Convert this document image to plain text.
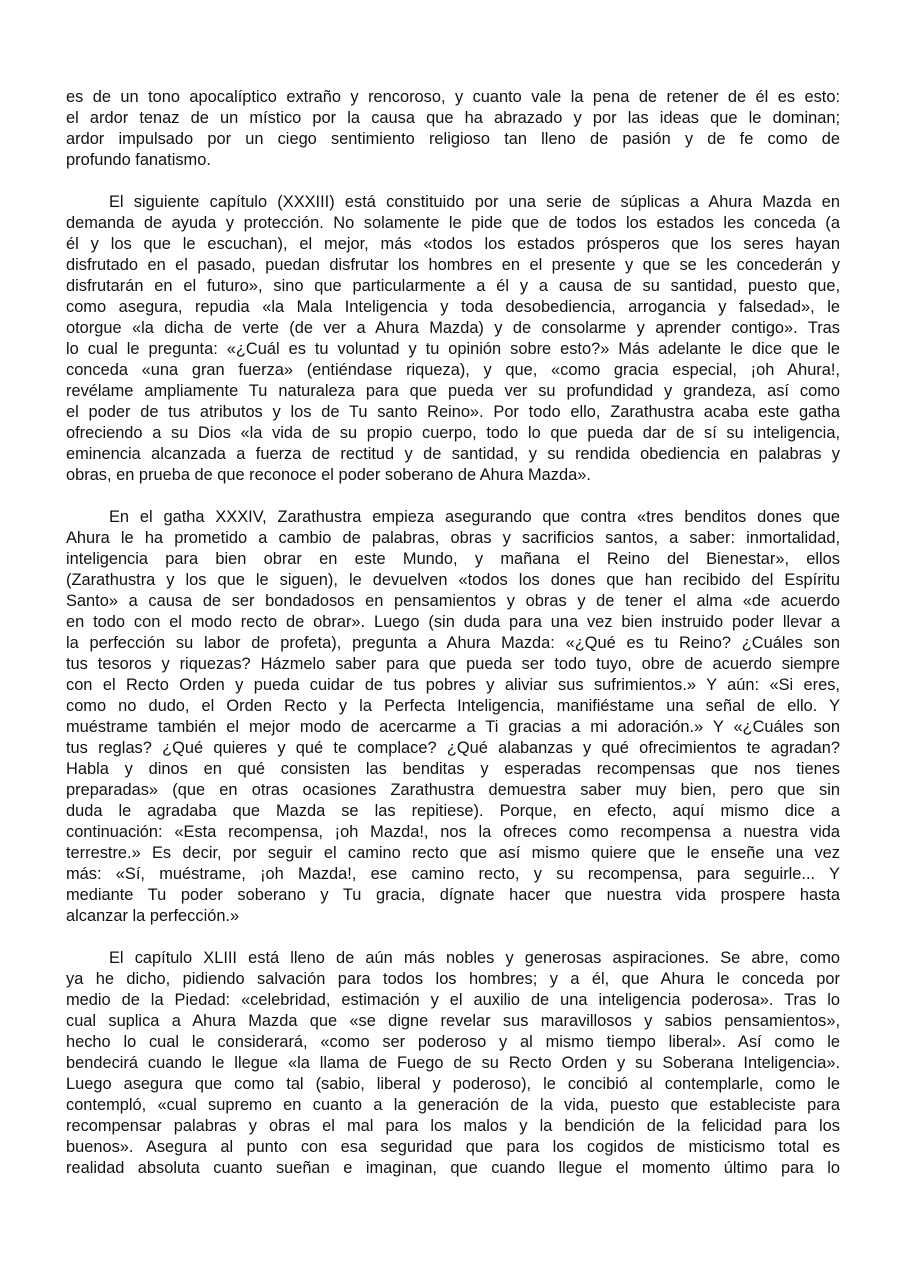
es de un tono apocalíptico extraño y rencoroso, y cuanto vale la pena de retener de él es esto:
el ardor tenaz de un místico por la causa que ha abrazado y por las ideas que le dominan;
ardor impulsado por un ciego sentimiento religioso tan lleno de pasión y de fe como de
profundo fanatismo.
El siguiente capítulo (XXXIII) está constituido por una serie de súplicas a Ahura Mazda en
demanda de ayuda y protección. No solamente le pide que de todos los estados les conceda (a
él y los que le escuchan), el mejor, más «todos los estados prósperos que los seres hayan
disfrutado en el pasado, puedan disfrutar los hombres en el presente y que se les concederán y
disfrutarán en el futuro», sino que particularmente a él y a causa de su santidad, puesto que,
como asegura, repudia «la Mala Inteligencia y toda desobediencia, arrogancia y falsedad», le
otorgue «la dicha de verte (de ver a Ahura Mazda) y de consolarme y aprender contigo». Tras
lo cual le pregunta: «¿Cuál es tu voluntad y tu opinión sobre esto?» Más adelante le dice que le
conceda «una gran fuerza» (entiéndase riqueza), y que, «como gracia especial, ¡oh Ahura!,
revélame ampliamente Tu naturaleza para que pueda ver su profundidad y grandeza, así como
el poder de tus atributos y los de Tu santo Reino». Por todo ello, Zarathustra acaba este gatha
ofreciendo a su Dios «la vida de su propio cuerpo, todo lo que pueda dar de sí su inteligencia,
eminencia alcanzada a fuerza de rectitud y de santidad, y su rendida obediencia en palabras y
obras, en prueba de que reconoce el poder soberano de Ahura Mazda».
En el gatha XXXIV, Zarathustra empieza asegurando que contra «tres benditos dones que
Ahura le ha prometido a cambio de palabras, obras y sacrificios santos, a saber: inmortalidad,
inteligencia para bien obrar en este Mundo, y mañana el Reino del Bienestar», ellos
(Zarathustra y los que le siguen), le devuelven «todos los dones que han recibido del Espíritu
Santo» a causa de ser bondadosos en pensamientos y obras y de tener el alma «de acuerdo
en todo con el modo recto de obrar». Luego (sin duda para una vez bien instruido poder llevar a
la perfección su labor de profeta), pregunta a Ahura Mazda: «¿Qué es tu Reino? ¿Cuáles son
tus tesoros y riquezas? Házmelo saber para que pueda ser todo tuyo, obre de acuerdo siempre
con el Recto Orden y pueda cuidar de tus pobres y aliviar sus sufrimientos.» Y aún: «Si eres,
como no dudo, el Orden Recto y la Perfecta Inteligencia, manifiéstame una señal de ello. Y
muéstrame también el mejor modo de acercarme a Ti gracias a mi adoración.» Y «¿Cuáles son
tus reglas? ¿Qué quieres y qué te complace? ¿Qué alabanzas y qué ofrecimientos te agradan?
Habla y dinos en qué consisten las benditas y esperadas recompensas que nos tienes
preparadas» (que en otras ocasiones Zarathustra demuestra saber muy bien, pero que sin
duda le agradaba que Mazda se las repitiese). Porque, en efecto, aquí mismo dice a
continuación: «Esta recompensa, ¡oh Mazda!, nos la ofreces como recompensa a nuestra vida
terrestre.» Es decir, por seguir el camino recto que así mismo quiere que le enseñe una vez
más: «Sí, muéstrame, ¡oh Mazda!, ese camino recto, y su recompensa, para seguirle... Y
mediante Tu poder soberano y Tu gracia, dígnate hacer que nuestra vida prospere hasta
alcanzar la perfección.»
El capítulo XLIII está lleno de aún más nobles y generosas aspiraciones. Se abre, como
ya he dicho, pidiendo salvación para todos los hombres; y a él, que Ahura le conceda por
medio de la Piedad: «celebridad, estimación y el auxilio de una inteligencia poderosa». Tras lo
cual suplica a Ahura Mazda que «se digne revelar sus maravillosos y sabios pensamientos»,
hecho lo cual le considerará, «como ser poderoso y al mismo tiempo liberal». Así como le
bendecirá cuando le llegue «la llama de Fuego de su Recto Orden y su Soberana Inteligencia».
Luego asegura que como tal (sabio, liberal y poderoso), le concibió al contemplarle, como le
contempló, «cual supremo en cuanto a la generación de la vida, puesto que estableciste para
recompensar palabras y obras el mal para los malos y la bendición de la felicidad para los
buenos». Asegura al punto con esa seguridad que para los cogidos de misticismo total es
realidad absoluta cuanto sueñan e imaginan, que cuando llegue el momento último para lo
